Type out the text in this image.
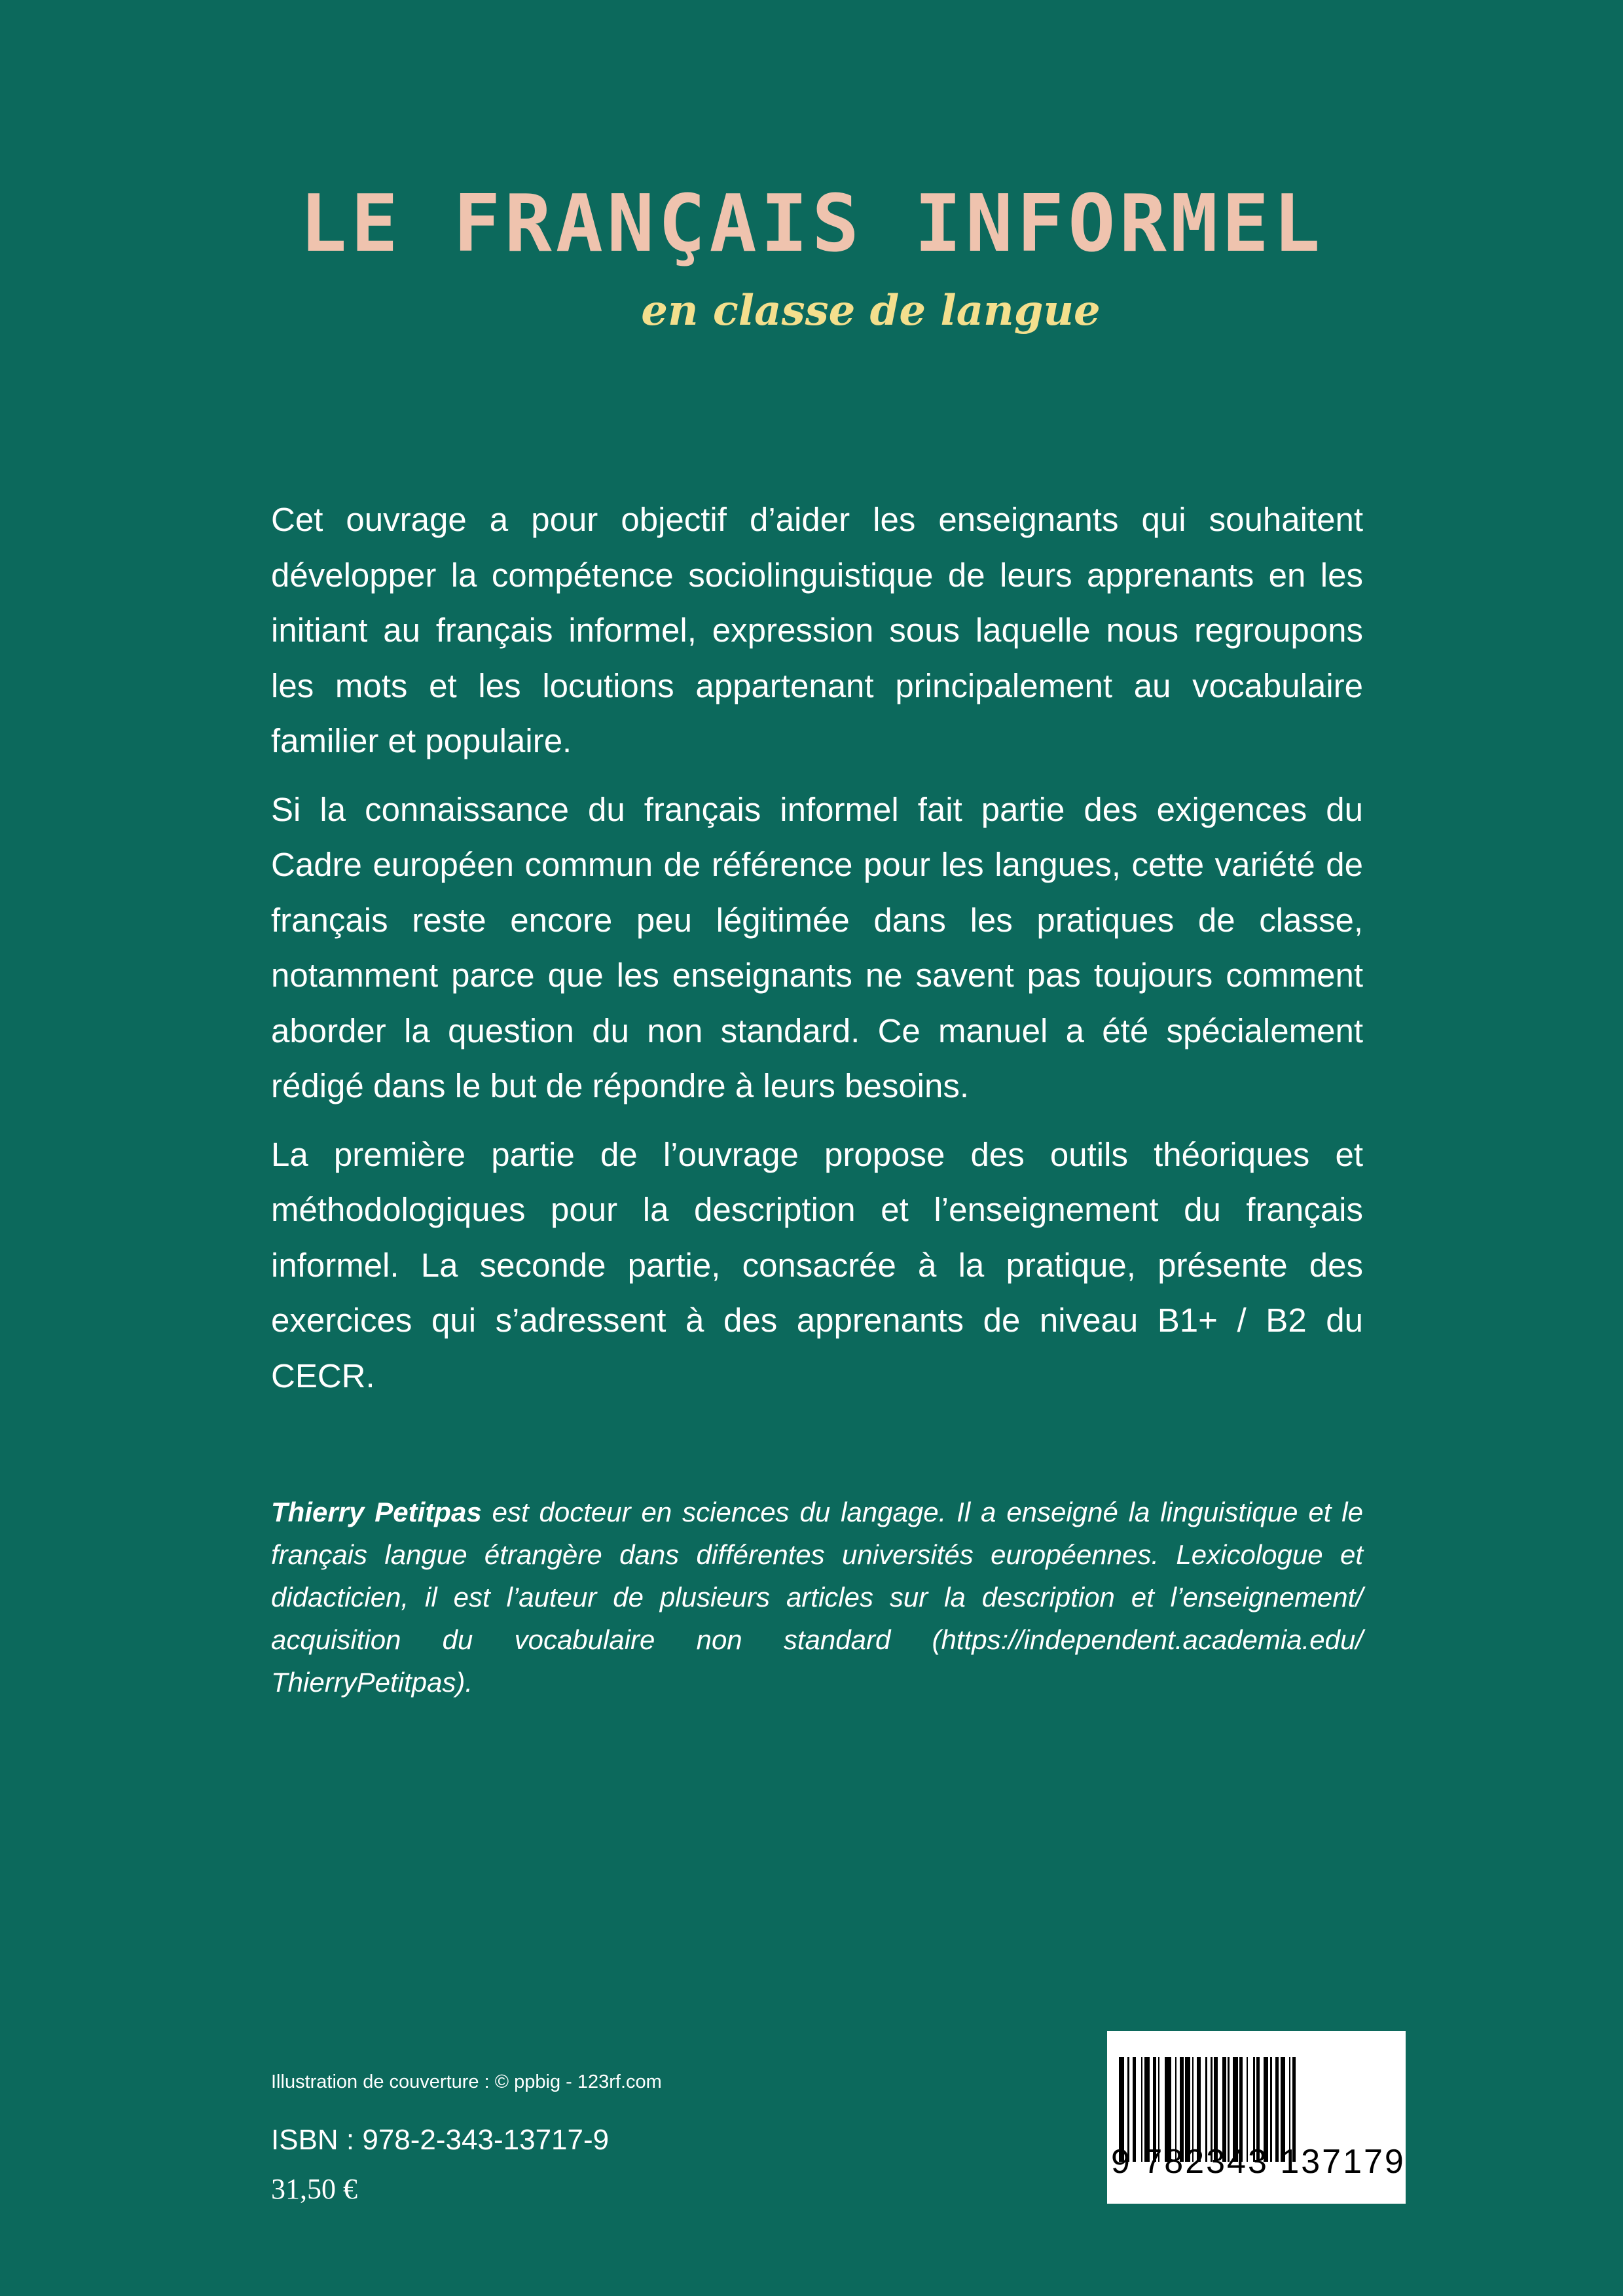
LE FRANÇAIS INFORMEL
en classe de langue

Cet ouvrage a pour objectif d’aider les enseignants qui souhaitent développer la compétence sociolinguistique de leurs apprenants en les initiant au français informel, expression sous laquelle nous regroupons les mots et les locutions appartenant principalement au vocabulaire familier et populaire.

Si la connaissance du français informel fait partie des exigences du Cadre européen commun de référence pour les langues, cette variété de français reste encore peu légitimée dans les pratiques de classe, notamment parce que les enseignants ne savent pas toujours comment aborder la question du non standard. Ce manuel a été spécialement rédigé dans le but de répondre à leurs besoins.

La première partie de l’ouvrage propose des outils théoriques et méthodologiques pour la description et l’enseignement du français informel. La seconde partie, consacrée à la pratique, présente des exercices qui s’adressent à des apprenants de niveau B1+ / B2 du CECR.

Thierry Petitpas est docteur en sciences du langage. Il a enseigné la linguistique et le français langue étrangère dans différentes universités européennes. Lexicologue et didacticien, il est l’auteur de plusieurs articles sur la description et l’enseignement/ acquisition du vocabulaire non standard (https://independent.academia.edu/ ThierryPetitpas).
Illustration de couverture : © ppbig - 123rf.com
ISBN : 978-2-343-13717-9
31,50 €
9 782343 137179
